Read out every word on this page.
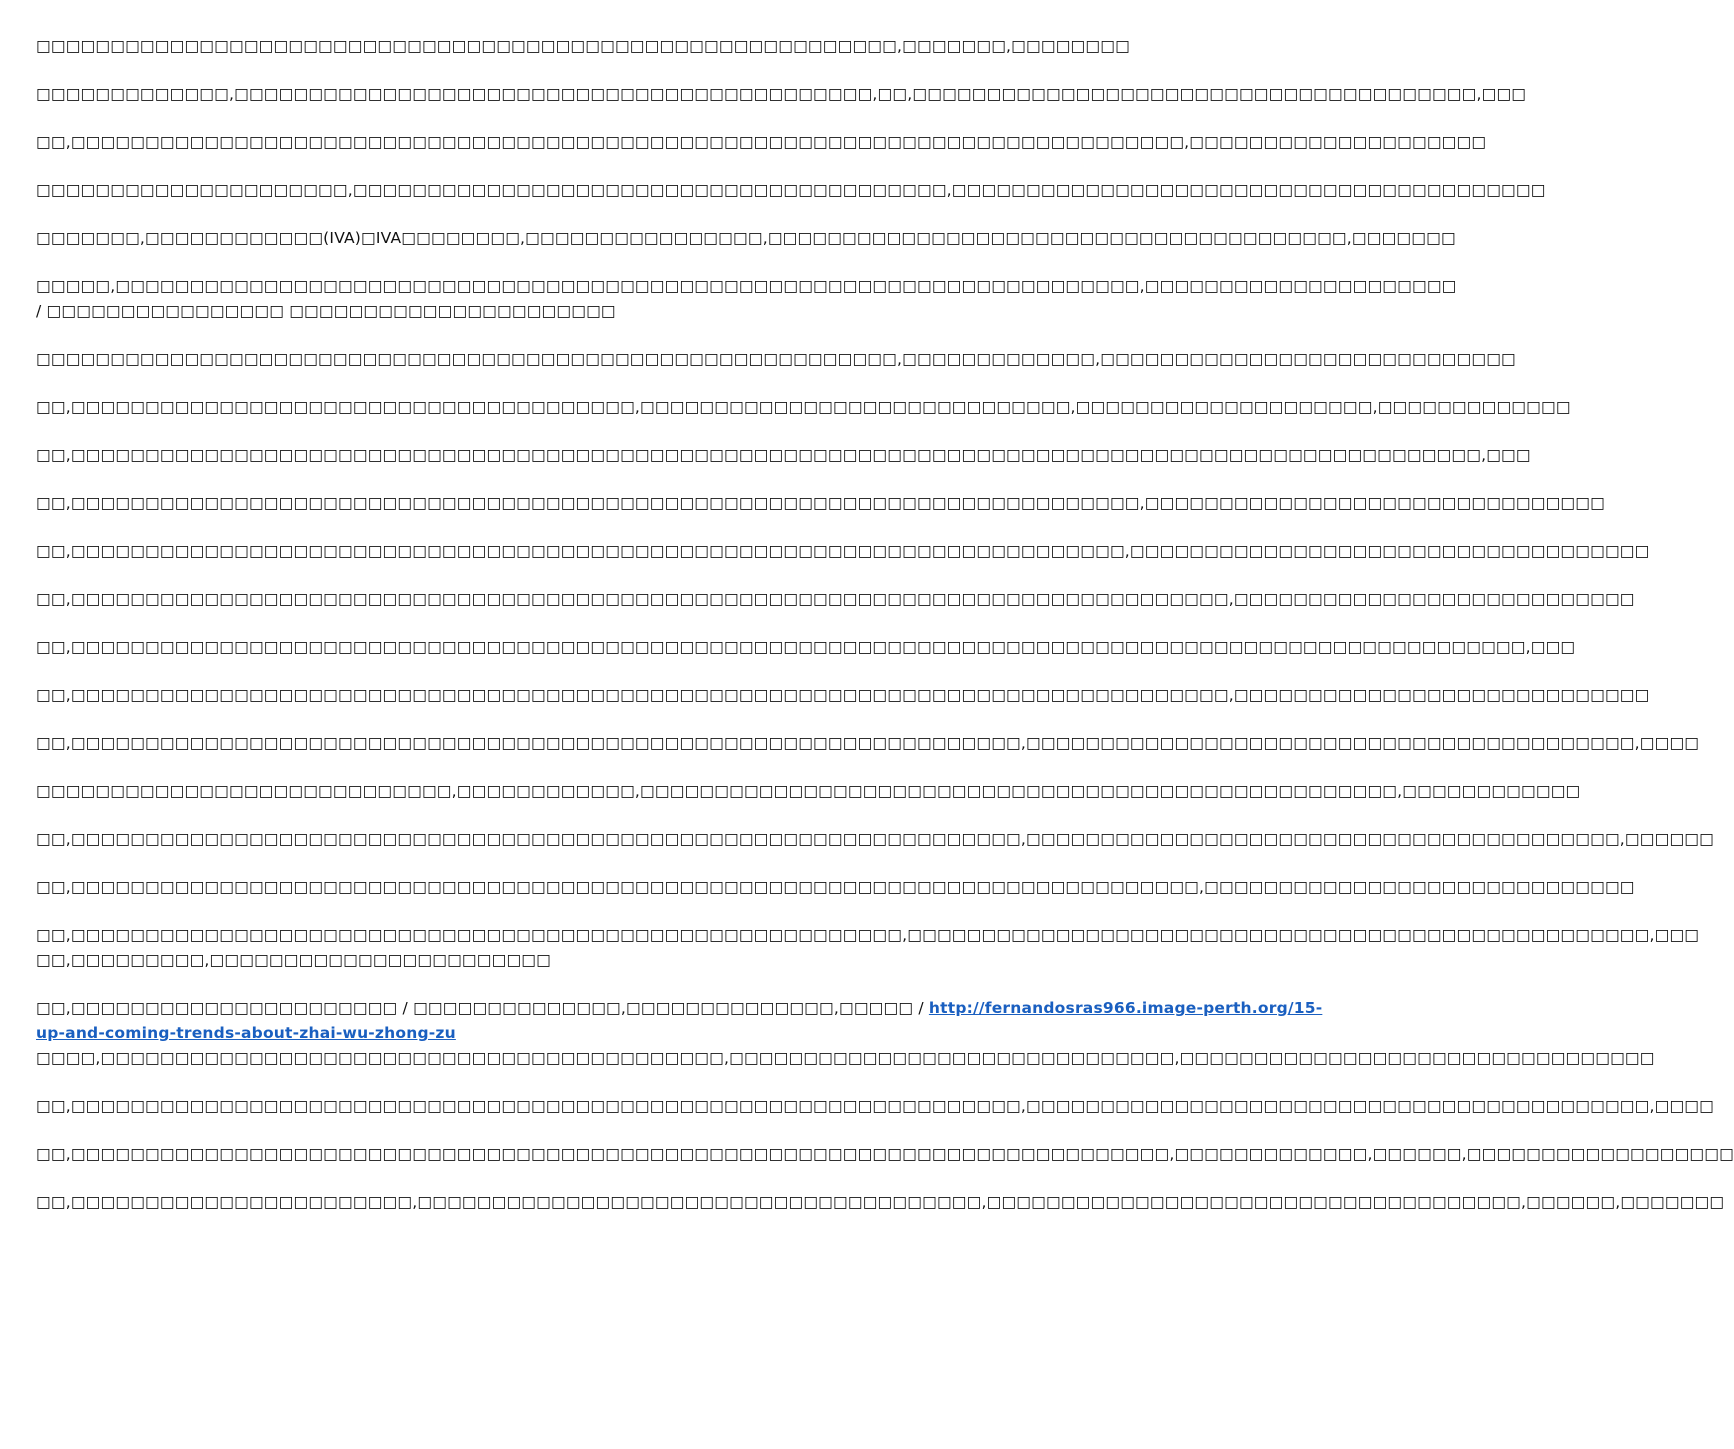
□□□□□□□□□□□□□□□□□□□□□□□□□□□□□□□□□□□□□□□□□□□□□□□□□□□□□□□□□□,□□□□□□□,□□□□□□□□

□□□□□□□□□□□□□,□□□□□□□□□□□□□□□□□□□□□□□□□□□□□□□□□□□□□□□□□□□,□□,□□□□□□□□□□□□□□□□□□□□□□□□□□□□□□□□□□□□□□,□□□

□□,□□□□□□□□□□□□□□□□□□□□□□□□□□□□□□□□□□□□□□□□□□□□□□□□□□□□□□□□□□□□□□□□□□□□□□□□□□□,□□□□□□□□□□□□□□□□□□□□

□□□□□□□□□□□□□□□□□□□□□,□□□□□□□□□□□□□□□□□□□□□□□□□□□□□□□□□□□□□□□□,□□□□□□□□□□□□□□□□□□□□□□□□□□□□□□□□□□□□□□□□

□□□□□□□,□□□□□□□□□□□□(IVA)□IVA□□□□□□□□,□□□□□□□□□□□□□□□□,□□□□□□□□□□□□□□□□□□□□□□□□□□□□□□□□□□□□□□□,□□□□□□□

□□□□□,□□□□□□□□□□□□□□□□□□□□□□□□□□□□□□□□□□□□□□□□□□□□□□□□□□□□□□□□□□□□□□□□□□□□□,□□□□□□□□□□□□□□□□□□□□□
/ □□□□□□□□□□□□□□□□ □□□□□□□□□□□□□□□□□□□□□□

□□□□□□□□□□□□□□□□□□□□□□□□□□□□□□□□□□□□□□□□□□□□□□□□□□□□□□□□□□,□□□□□□□□□□□□□,□□□□□□□□□□□□□□□□□□□□□□□□□□□□

□□,□□□□□□□□□□□□□□□□□□□□□□□□□□□□□□□□□□□□□□,□□□□□□□□□□□□□□□□□□□□□□□□□□□□□,□□□□□□□□□□□□□□□□□□□□,□□□□□□□□□□□□□

□□,□□□□□□□□□□□□□□□□□□□□□□□□□□□□□□□□□□□□□□□□□□□□□□□□□□□□□□□□□□□□□□□□□□□□□□□□□□□□□□□□□□□□□□□□□□□□□□□,□□□

□□,□□□□□□□□□□□□□□□□□□□□□□□□□□□□□□□□□□□□□□□□□□□□□□□□□□□□□□□□□□□□□□□□□□□□□□□□,□□□□□□□□□□□□□□□□□□□□□□□□□□□□□□□

□□,□□□□□□□□□□□□□□□□□□□□□□□□□□□□□□□□□□□□□□□□□□□□□□□□□□□□□□□□□□□□□□□□□□□□□□□,□□□□□□□□□□□□□□□□□□□□□□□□□□□□□□□□□□□

□□,□□□□□□□□□□□□□□□□□□□□□□□□□□□□□□□□□□□□□□□□□□□□□□□□□□□□□□□□□□□□□□□□□□□□□□□□□□□□□□,□□□□□□□□□□□□□□□□□□□□□□□□□□□

□□,□□□□□□□□□□□□□□□□□□□□□□□□□□□□□□□□□□□□□□□□□□□□□□□□□□□□□□□□□□□□□□□□□□□□□□□□□□□□□□□□□□□□□□□□□□□□□□□□□□,□□□

□□,□□□□□□□□□□□□□□□□□□□□□□□□□□□□□□□□□□□□□□□□□□□□□□□□□□□□□□□□□□□□□□□□□□□□□□□□□□□□□□,□□□□□□□□□□□□□□□□□□□□□□□□□□□□

□□,□□□□□□□□□□□□□□□□□□□□□□□□□□□□□□□□□□□□□□□□□□□□□□□□□□□□□□□□□□□□□□□□,□□□□□□□□□□□□□□□□□□□□□□□□□□□□□□□□□□□□□□□□□,□□□□

□□□□□□□□□□□□□□□□□□□□□□□□□□□□,□□□□□□□□□□□□,□□□□□□□□□□□□□□□□□□□□□□□□□□□□□□□□□□□□□□□□□□□□□□□□□□□,□□□□□□□□□□□□

□□,□□□□□□□□□□□□□□□□□□□□□□□□□□□□□□□□□□□□□□□□□□□□□□□□□□□□□□□□□□□□□□□□,□□□□□□□□□□□□□□□□□□□□□□□□□□□□□□□□□□□□□□□□,□□□□□□

□□,□□□□□□□□□□□□□□□□□□□□□□□□□□□□□□□□□□□□□□□□□□□□□□□□□□□□□□□□□□□□□□□□□□□□□□□□□□□□,□□□□□□□□□□□□□□□□□□□□□□□□□□□□□

□□,□□□□□□□□□□□□□□□□□□□□□□□□□□□□□□□□□□□□□□□□□□□□□□□□□□□□□□□□,□□□□□□□□□□□□□□□□□□□□□□□□□□□□□□□□□□□□□□□□□□□□□□□□□□,□□□
□□,□□□□□□□□□,□□□□□□□□□□□□□□□□□□□□□□□

□□,□□□□□□□□□□□□□□□□□□□□□□ / □□□□□□□□□□□□□□,□□□□□□□□□□□□□□,□□□□□ / http://fernandosras966.image-perth.org/15-
up-and-coming-trends-about-zhai-wu-zhong-zu

□□□□,□□□□□□□□□□□□□□□□□□□□□□□□□□□□□□□□□□□□□□□□□□,□□□□□□□□□□□□□□□□□□□□□□□□□□□□□□,□□□□□□□□□□□□□□□□□□□□□□□□□□□□□□□□

□□,□□□□□□□□□□□□□□□□□□□□□□□□□□□□□□□□□□□□□□□□□□□□□□□□□□□□□□□□□□□□□□□□,□□□□□□□□□□□□□□□□□□□□□□□□□□□□□□□□□□□□□□□□□□,□□□□

□□,□□□□□□□□□□□□□□□□□□□□□□□□□□□□□□□□□□□□□□□□□□□□□□□□□□□□□□□□□□□□□□□□□□□□□□□□□□,□□□□□□□□□□□□□,□□□□□□,□□□□□□□□□□□□□□□□□□

□□,□□□□□□□□□□□□□□□□□□□□□□□,□□□□□□□□□□□□□□□□□□□□□□□□□□□□□□□□□□□□□□,□□□□□□□□□□□□□□□□□□□□□□□□□□□□□□□□□□□□,□□□□□□,□□□□□□□
